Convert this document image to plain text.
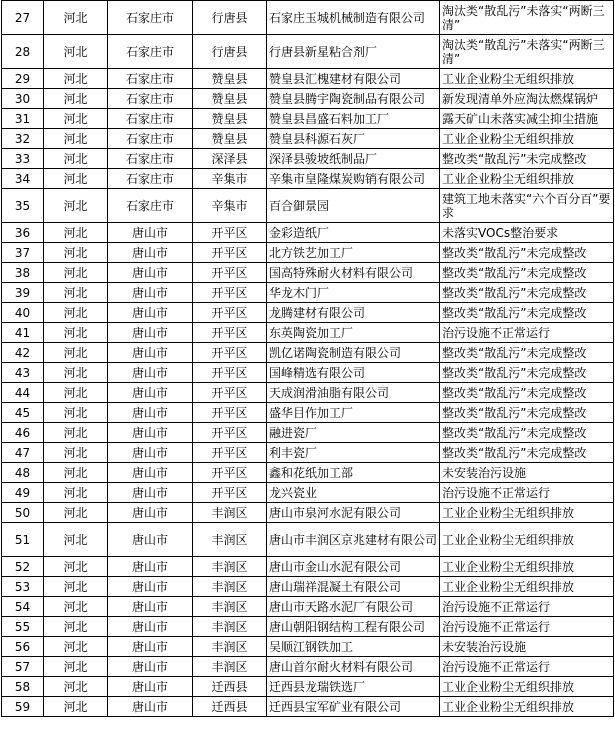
27	河北	石家庄市	行唐县	石家庄玉城机械制造有限公司	淘汰类“散乱污”未落实“两断三清”
28	河北	石家庄市	行唐县	行唐县新星粘合剂厂	淘汰类“散乱污”未落实“两断三清”
29	河北	石家庄市	赞皇县	赞皇县汇槐建材有限公司	工业企业粉尘无组织排放
30	河北	石家庄市	赞皇县	赞皇县腾宇陶瓷制品有限公司	新发现清单外应淘汰燃煤锅炉
31	河北	石家庄市	赞皇县	赞皇县昌盛石料加工厂	露天矿山未落实减尘抑尘措施
32	河北	石家庄市	赞皇县	赞皇县科源石灰厂	工业企业粉尘无组织排放
33	河北	石家庄市	深泽县	深泽县骏坡纸制品厂	整改类“散乱污”未完成整改
34	河北	石家庄市	辛集市	辛集市皇隆煤炭购销有限公司	工业企业粉尘无组织排放
35	河北	石家庄市	辛集市	百合御景园	建筑工地未落实“六个百分百”要求
36	河北	唐山市	开平区	金彩造纸厂	未落实VOCs整治要求
37	河北	唐山市	开平区	北方铁艺加工厂	整改类“散乱污”未完成整改
38	河北	唐山市	开平区	国高特殊耐火材料有限公司	整改类“散乱污”未完成整改
39	河北	唐山市	开平区	华龙木门厂	整改类“散乱污”未完成整改
40	河北	唐山市	开平区	龙腾建材有限公司	整改类“散乱污”未完成整改
41	河北	唐山市	开平区	东英陶瓷加工厂	治污设施不正常运行
42	河北	唐山市	开平区	凯亿诺陶瓷制造有限公司	整改类“散乱污”未完成整改
43	河北	唐山市	开平区	国峰精选有限公司	整改类“散乱污”未完成整改
44	河北	唐山市	开平区	天成润滑油脂有限公司	整改类“散乱污”未完成整改
45	河北	唐山市	开平区	盛华目作加工厂	整改类“散乱污”未完成整改
46	河北	唐山市	开平区	融进瓷厂	整改类“散乱污”未完成整改
47	河北	唐山市	开平区	利丰瓷厂	整改类“散乱污”未完成整改
48	河北	唐山市	开平区	鑫和花纸加工部	未安装治污设施
49	河北	唐山市	开平区	龙兴瓷业	治污设施不正常运行
50	河北	唐山市	丰润区	唐山市泉河水泥有限公司	工业企业粉尘无组织排放
51	河北	唐山市	丰润区	唐山市丰润区京兆建材有限公司	工业企业粉尘无组织排放
52	河北	唐山市	丰润区	唐山市金山水泥有限公司	工业企业粉尘无组织排放
53	河北	唐山市	丰润区	唐山瑞祥混凝土有限公司	工业企业粉尘无组织排放
54	河北	唐山市	丰润区	唐山市天路水泥厂有限公司	治污设施不正常运行
55	河北	唐山市	丰润区	唐山朝阳钢结构工程有限公司	治污设施不正常运行
56	河北	唐山市	丰润区	吴顺江钢铁加工	未安装治污设施
57	河北	唐山市	丰润区	唐山首尔耐火材料有限公司	治污设施不正常运行
58	河北	唐山市	迁西县	迁西县龙瑞铁选厂	工业企业粉尘无组织排放
59	河北	唐山市	迁西县	迁西县宝军矿业有限公司	工业企业粉尘无组织排放
